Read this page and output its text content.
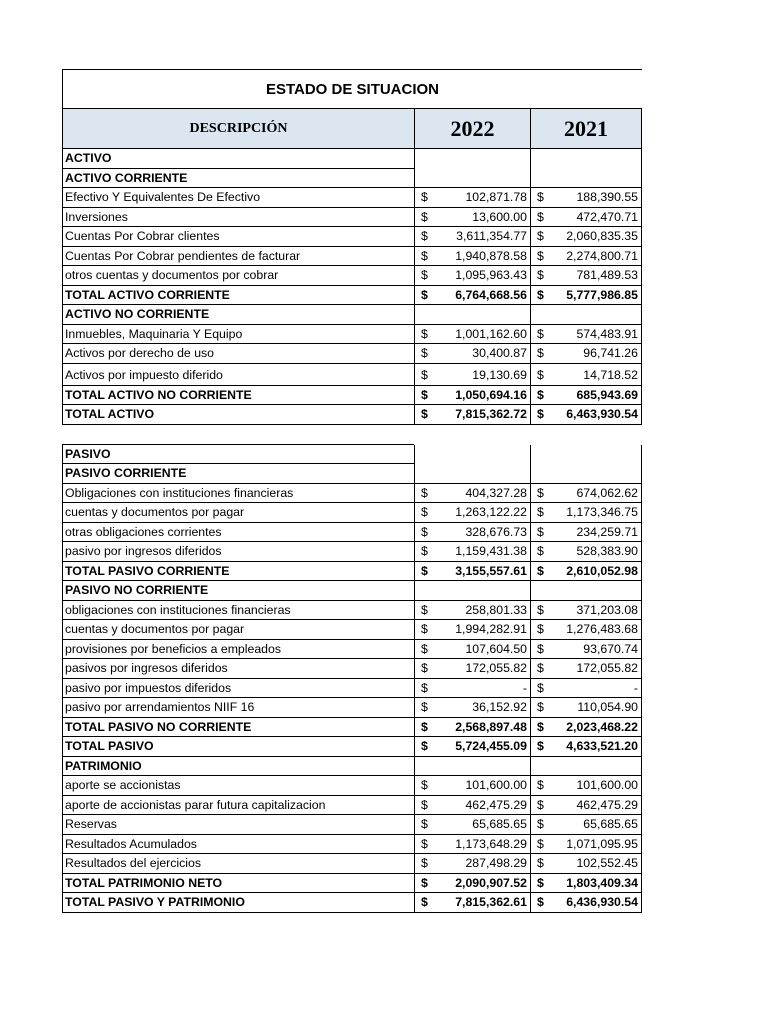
ESTADO DE SITUACION
DESCRIPCIÓN	2022	2021
ACTIVO
ACTIVO CORRIENTE
Efectivo Y Equivalentes De Efectivo	$	102,871.78 $	188,390.55
Inversiones	$	13,600.00 $	472,470.71
Cuentas Por Cobrar clientes	$	3,611,354.77 $	2,060,835.35
Cuentas Por Cobrar pendientes de facturar	$	1,940,878.58 $	2,274,800.71
otros cuentas y documentos por cobrar	$	1,095,963.43 $	781,489.53
TOTAL ACTIVO CORRIENTE	$	6,764,668.56 $	5,777,986.85
ACTIVO NO CORRIENTE
Inmuebles, Maquinaria Y Equipo	$	1,001,162.60 $	574,483.91
Activos por derecho de uso	$	30,400.87 $	96,741.26
Activos por impuesto diferido	$	19,130.69 $	14,718.52
TOTAL ACTIVO NO CORRIENTE	$	1,050,694.16 $	685,943.69
TOTAL ACTIVO	$	7,815,362.72 $	6,463,930.54
PASIVO
PASIVO CORRIENTE
Obligaciones con instituciones financieras	$	404,327.28 $	674,062.62
cuentas y documentos por pagar	$	1,263,122.22 $	1,173,346.75
otras obligaciones corrientes	$	328,676.73 $	234,259.71
pasivo por ingresos diferidos	$	1,159,431.38 $	528,383.90
TOTAL PASIVO CORRIENTE	$	3,155,557.61 $	2,610,052.98
PASIVO NO CORRIENTE
obligaciones con instituciones financieras	$	258,801.33 $	371,203.08
cuentas y documentos por pagar	$	1,994,282.91 $	1,276,483.68
provisiones por beneficios a empleados	$	107,604.50 $	93,670.74
pasivos por ingresos diferidos	$	172,055.82 $	172,055.82
pasivo por impuestos diferidos	$	- $	-
pasivo por arrendamientos NIIF 16	$	36,152.92 $	110,054.90
TOTAL PASIVO NO CORRIENTE	$	2,568,897.48 $	2,023,468.22
TOTAL PASIVO	$	5,724,455.09 $	4,633,521.20
PATRIMONIO
aporte se accionistas	$	101,600.00 $	101,600.00
aporte de accionistas parar futura capitalizacion	$	462,475.29 $	462,475.29
Reservas	$	65,685.65 $	65,685.65
Resultados Acumulados	$	1,173,648.29 $	1,071,095.95
Resultados del ejercicios	$	287,498.29 $	102,552.45
TOTAL PATRIMONIO NETO	$	2,090,907.52 $	1,803,409.34
TOTAL PASIVO Y PATRIMONIO	$	7,815,362.61 $	6,436,930.54
